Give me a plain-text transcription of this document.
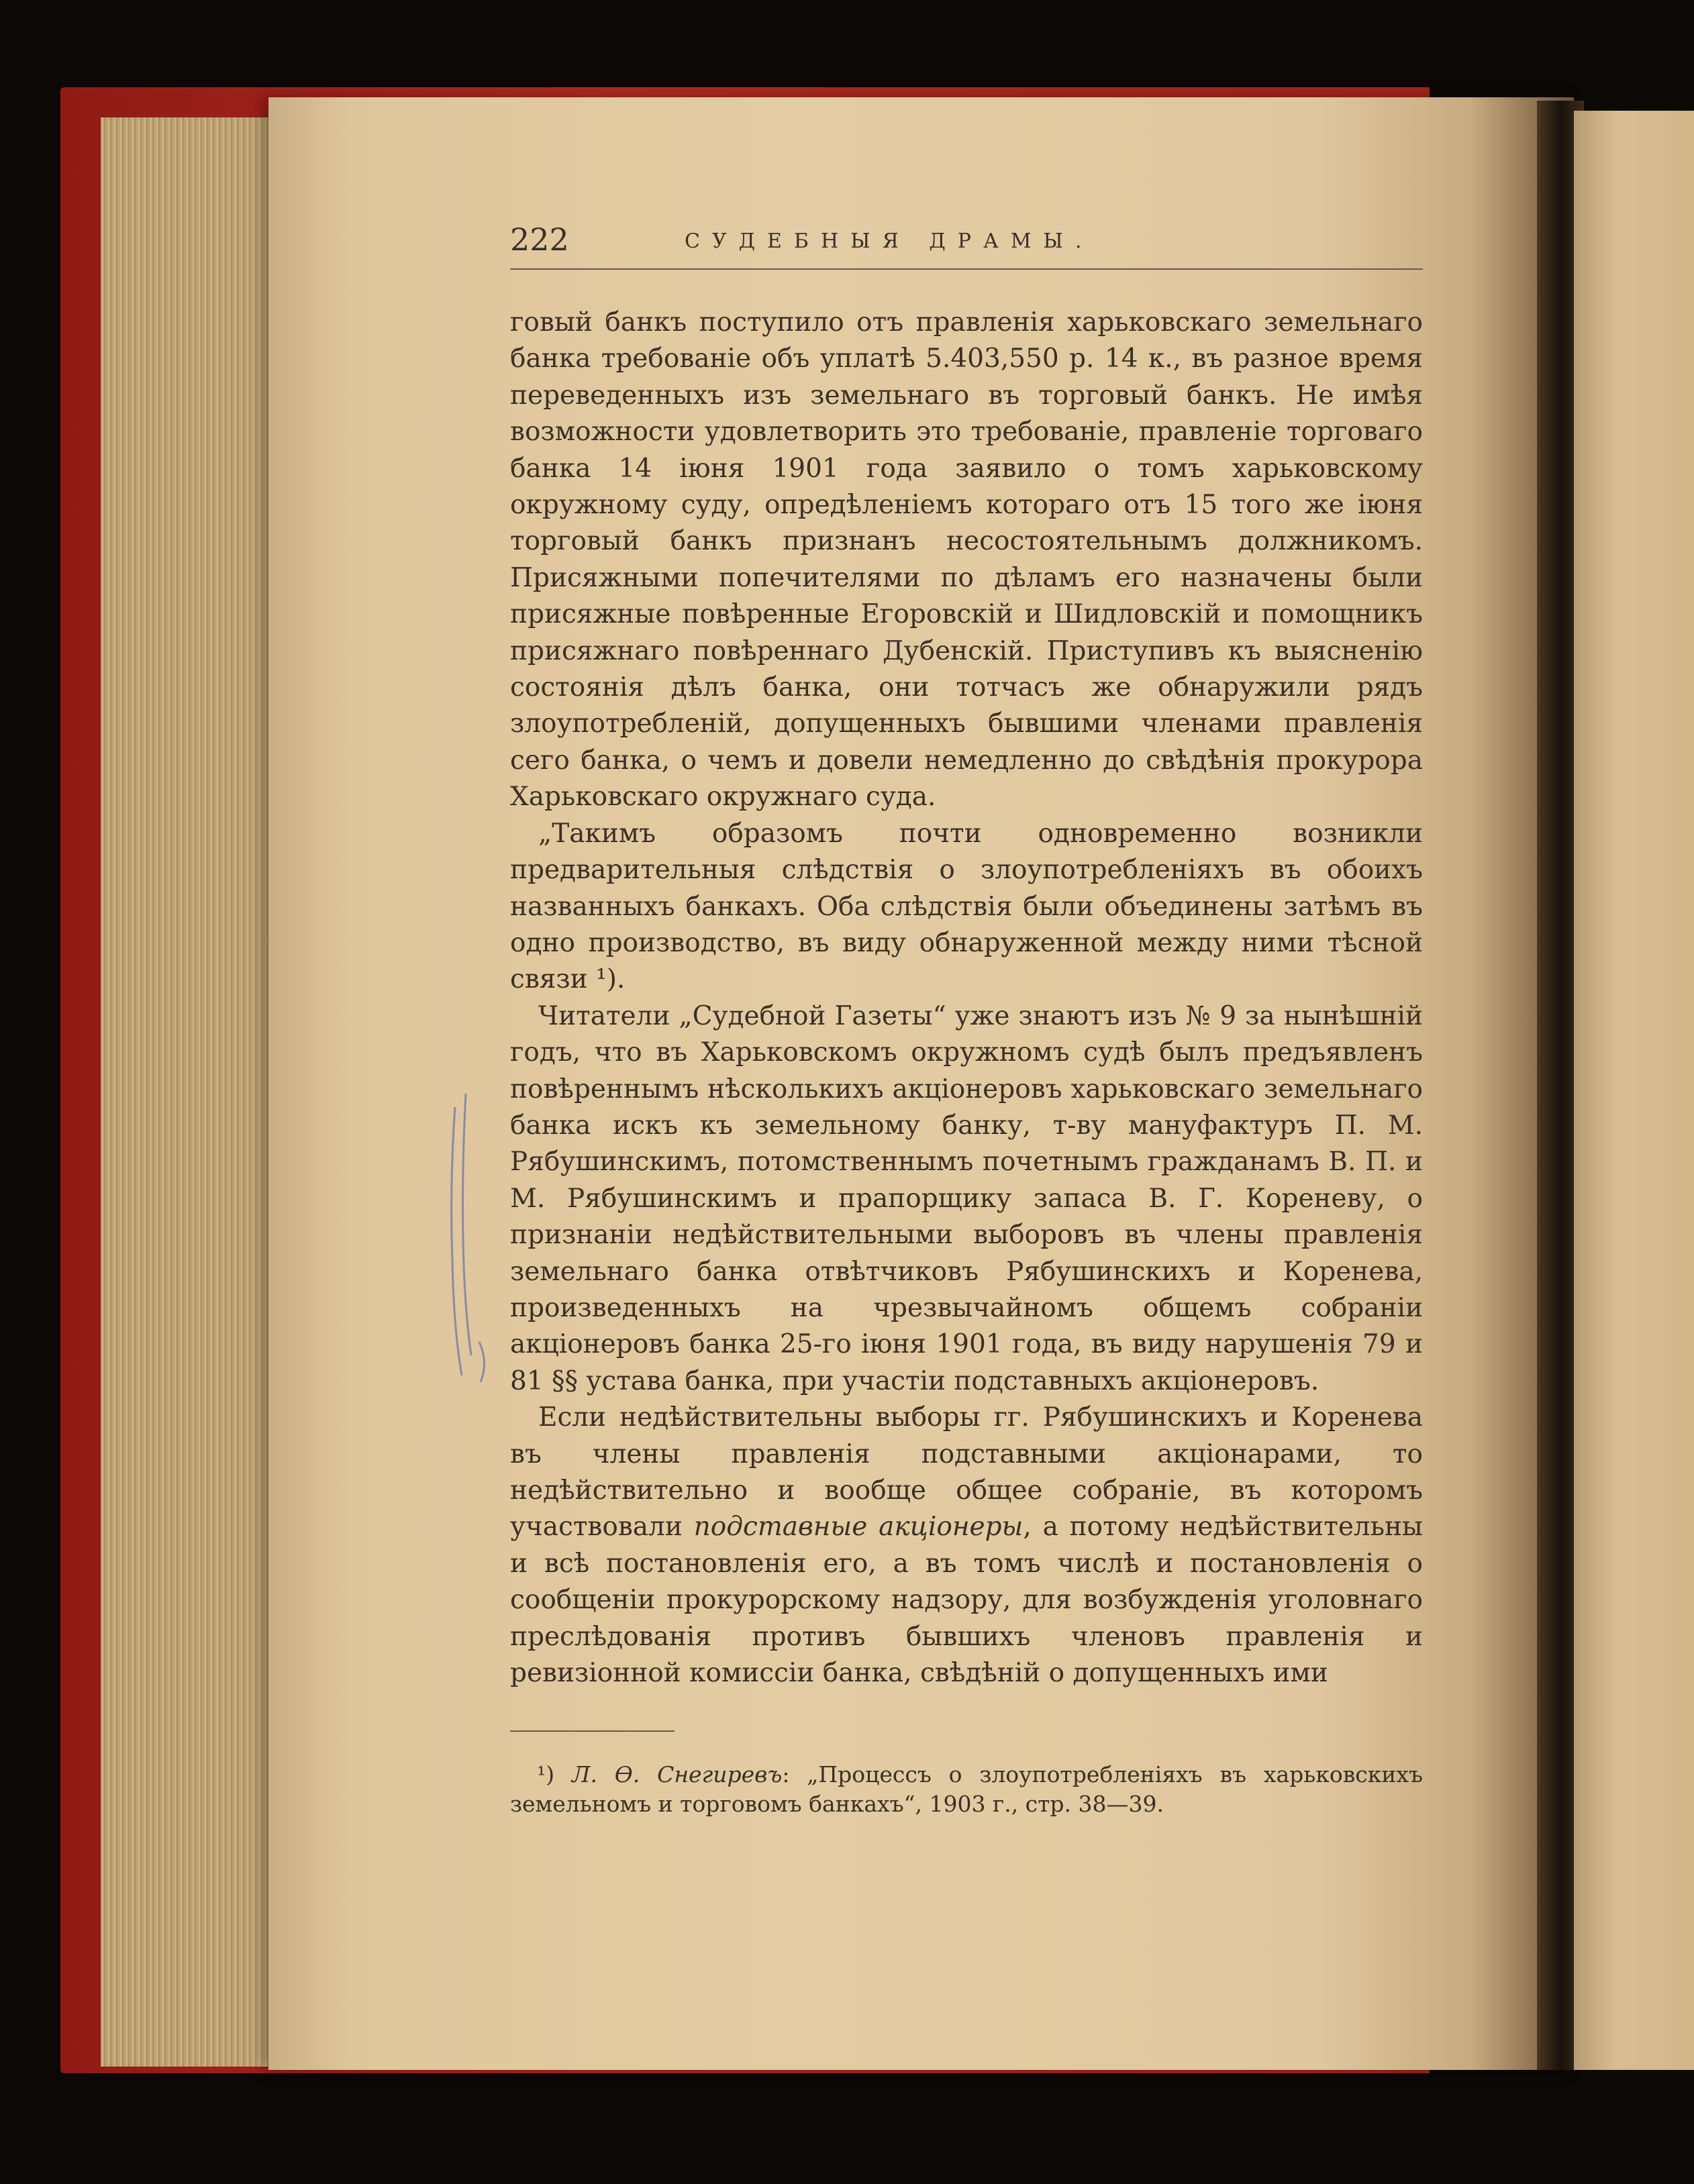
222	СУДЕБНЫЯ ДРАМЫ.

говый банкъ поступило отъ правленія харьковскаго земельнаго банка требованіе объ уплатѣ 5.403,550 р. 14 к., въ разное время переведенныхъ изъ земельнаго въ торговый банкъ. Не имѣя возможности удовлетворить это требованіе, правленіе торговаго банка 14 іюня 1901 года заявило о томъ харьковскому окружному суду, опредѣленіемъ котораго отъ 15 того же іюня торговый банкъ признанъ несостоятельнымъ должникомъ. Присяжными попечителями по дѣламъ его назначены были присяжные повѣренные Егоровскій и Шидловскій и помощникъ присяжнаго повѣреннаго Дубенскій. Приступивъ къ выясненію состоянія дѣлъ банка, они тотчасъ же обнаружили рядъ злоупотребленій, допущенныхъ бывшими членами правленія сего банка, о чемъ и довели немедленно до свѣдѣнія прокурора Харьковскаго окружнаго суда.

„Такимъ образомъ почти одновременно возникли предварительныя слѣдствія о злоупотребленіяхъ въ обоихъ названныхъ банкахъ. Оба слѣдствія были объединены затѣмъ въ одно производство, въ виду обнаруженной между ними тѣсной связи ¹).

Читатели „Судебной Газеты“ уже знаютъ изъ № 9 за нынѣшній годъ, что въ Харьковскомъ окружномъ судѣ былъ предъявленъ повѣреннымъ нѣсколькихъ акціонеровъ харьковскаго земельнаго банка искъ къ земельному банку, т-ву мануфактуръ П. М. Рябушинскимъ, потомственнымъ почетнымъ гражданамъ В. П. и М. Рябушинскимъ и прапорщику запаса В. Г. Кореневу, о признаніи недѣйствительными выборовъ въ члены правленія земельнаго банка отвѣтчиковъ Рябушинскихъ и Коренева, произведенныхъ на чрезвычайномъ общемъ собраніи акціонеровъ банка 25-го іюня 1901 года, въ виду нарушенія 79 и 81 §§ устава банка, при участіи подставныхъ акціонеровъ.

Если недѣйствительны выборы гг. Рябушинскихъ и Коренева въ члены правленія подставными акціонарами, то недѣйствительно и вообще общее собраніе, въ которомъ участвовали подставные акціонеры, а потому недѣйствительны и всѣ постановленія его, а въ томъ числѣ и постановленія о сообщеніи прокурорскому надзору, для возбужденія уголовнаго преслѣдованія противъ бывшихъ членовъ правленія и ревизіонной комиссіи банка, свѣдѣній о допущенныхъ ими

¹) Л. Ѳ. Снегиревъ: „Процессъ о злоупотребленіяхъ въ харьковскихъ земельномъ и торговомъ банкахъ“, 1903 г., стр. 38—39.
